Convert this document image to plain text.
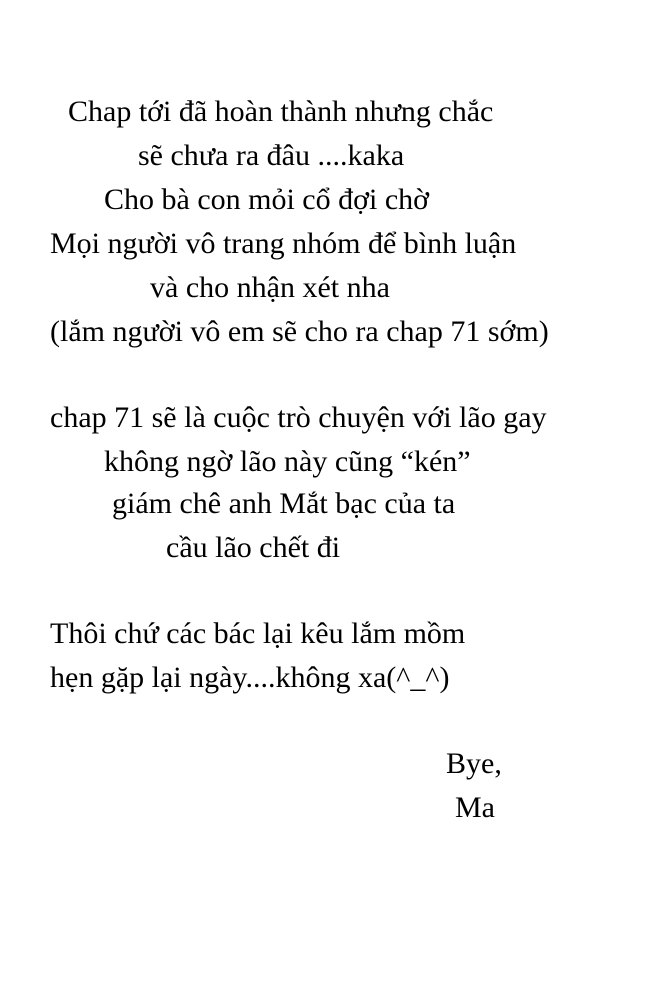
Chap tới đã hoàn thành nhưng chắc

sẽ chưa ra đâu ....kaka

Cho bà con mỏi cổ đợi chờ

Mọi người vô trang nhóm để bình luận

và cho nhận xét nha

(lắm người vô em sẽ cho ra chap 71 sớm)

chap 71 sẽ là cuộc trò chuyện với lão gay

không ngờ lão này cũng “kén”

giám chê anh Mắt bạc của ta

cầu lão chết đi

Thôi chứ các bác lại kêu lắm mồm

hẹn gặp lại ngày....không xa(^_^)

Bye,

Ma
